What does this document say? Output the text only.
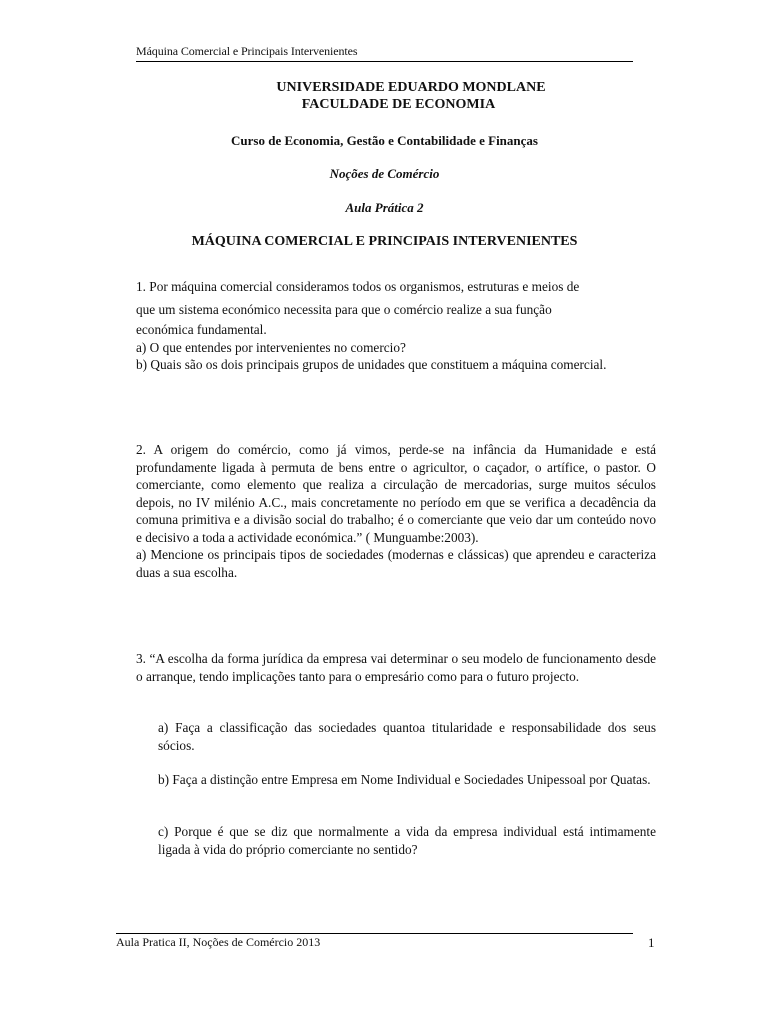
Máquina Comercial e Principais Intervenientes
UNIVERSIDADE EDUARDO MONDLANE
FACULDADE DE ECONOMIA
Curso de Economia, Gestão e Contabilidade e Finanças
Noções de Comércio
Aula Prática 2
MÁQUINA COMERCIAL E PRINCIPAIS INTERVENIENTES

1. Por máquina comercial consideramos todos os organismos, estruturas e meios de

que um sistema económico necessita para que o comércio realize a sua função

económica fundamental.

a) O que entendes por intervenientes no comercio?

b) Quais são os dois principais grupos de unidades que constituem a máquina comercial.

2. A origem do comércio, como já vimos, perde-se na infância da Humanidade e está profundamente ligada à permuta de bens entre o agricultor, o caçador, o artífice, o pastor. O comerciante, como elemento que realiza a circulação de mercadorias, surge muitos séculos depois, no IV milénio A.C., mais concretamente no período em que se verifica a decadência da comuna primitiva e a divisão social do trabalho; é o comerciante que veio dar um conteúdo novo e decisivo a toda a actividade económica.” ( Munguambe:2003).

a) Mencione os principais tipos de sociedades (modernas e clássicas) que aprendeu e caracteriza duas a sua escolha.

3. “A escolha da forma jurídica da empresa vai determinar o seu modelo de funcionamento desde o arranque, tendo implicações tanto para o empresário como para o futuro projecto.

a) Faça a classificação das sociedades quantoa titularidade e responsabilidade dos seus sócios.
b) Faça a distinção entre Empresa em Nome Individual e Sociedades Unipessoal por Quatas.
c) Porque é que se diz que normalmente a vida da empresa individual está intimamente ligada à vida do próprio comerciante no sentido?
Aula Pratica II, Noções de Comércio 2013	1
